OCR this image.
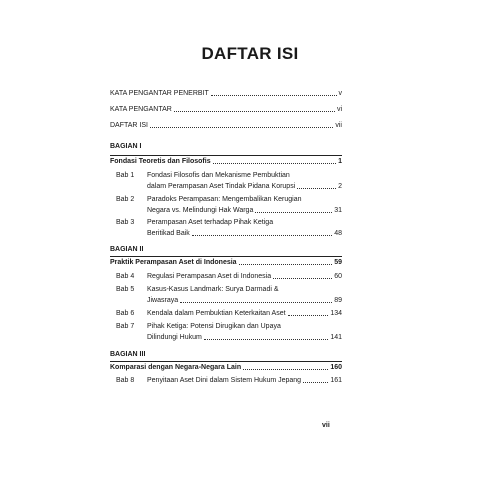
DAFTAR ISI
KATA PENGANTAR PENERBIT	v
KATA PENGANTAR	vi
DAFTAR ISI	vii
BAGIAN I
Fondasi Teoretis dan Filosofis	1
Bab 1 Fondasi Filosofis dan Mekanisme Pembuktian
dalam Perampasan Aset Tindak Pidana Korupsi	2
Bab 2 Paradoks Perampasan: Mengembalikan Kerugian
Negara vs. Melindungi Hak Warga	31
Bab 3 Perampasan Aset terhadap Pihak Ketiga
Beritikad Baik	48
BAGIAN II
Praktik Perampasan Aset di Indonesia	59
Bab 4 Regulasi Perampasan Aset di Indonesia	60
Bab 5 Kasus-Kasus Landmark: Surya Darmadi &
Jiwasraya	89
Bab 6 Kendala dalam Pembuktian Keterkaitan Aset	134
Bab 7 Pihak Ketiga: Potensi Dirugikan dan Upaya
Dilindungi Hukum	141
BAGIAN III
Komparasi dengan Negara-Negara Lain	160
Bab 8 Penyitaan Aset Dini dalam Sistem Hukum Jepang	161
vii
